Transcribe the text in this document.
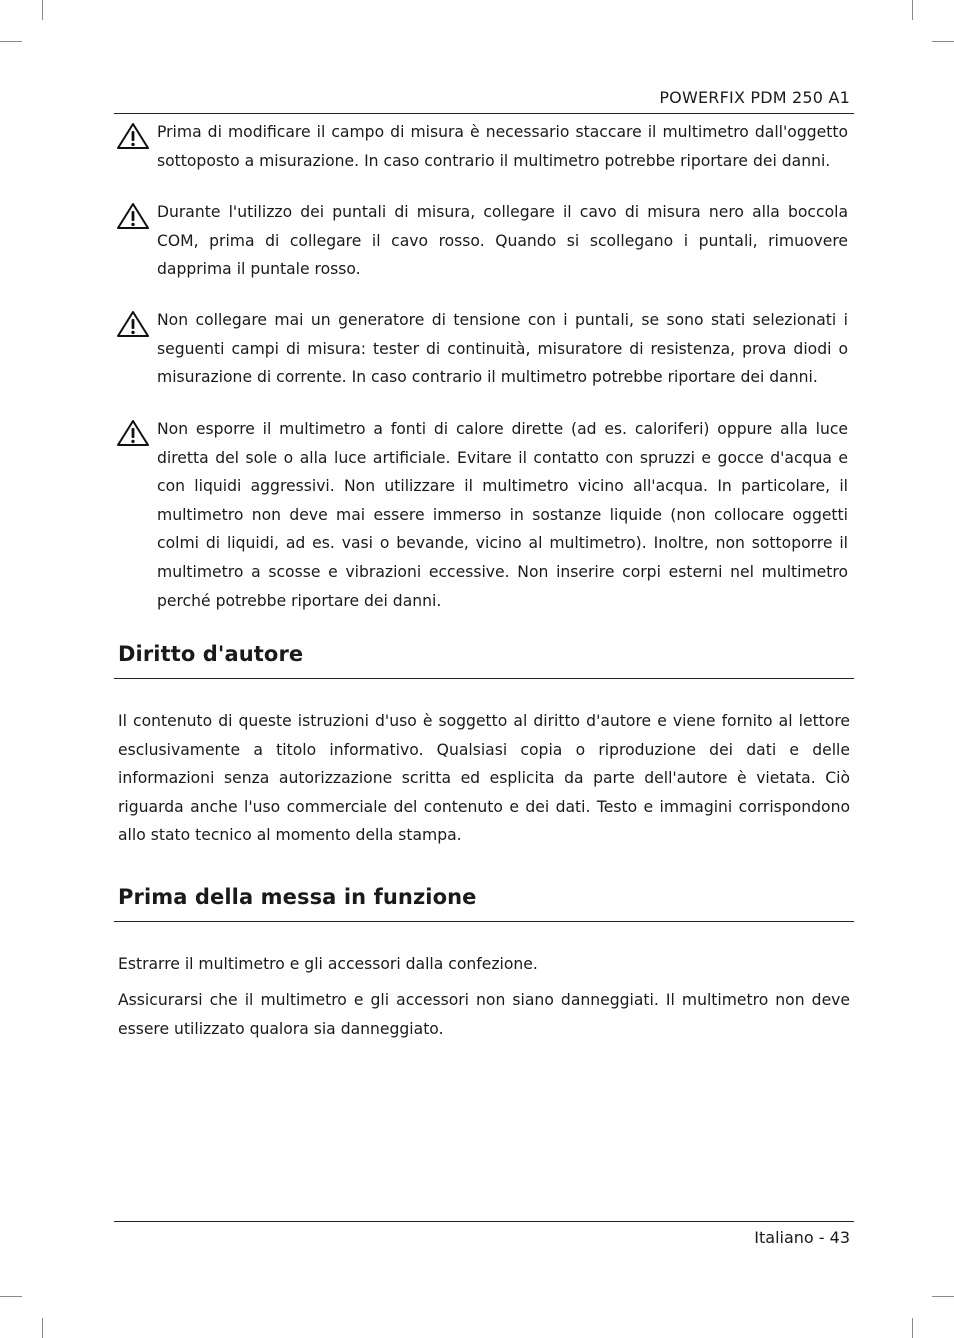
POWERFIX PDM 250 A1
Prima di modificare il campo di misura è necessario staccare il multimetro dall'oggetto sottoposto a misurazione. In caso contrario il multimetro potrebbe riportare dei danni.
Durante l'utilizzo dei puntali di misura, collegare il cavo di misura nero alla boccola COM, prima di collegare il cavo rosso. Quando si scollegano i puntali, rimuovere dapprima il puntale rosso.
Non collegare mai un generatore di tensione con i puntali, se sono stati selezionati i seguenti campi di misura: tester di continuità, misuratore di resistenza, prova diodi o misurazione di corrente. In caso contrario il multimetro potrebbe riportare dei danni.
Non esporre il multimetro a fonti di calore dirette (ad es. caloriferi) oppure alla luce diretta del sole o alla luce artificiale. Evitare il contatto con spruzzi e gocce d'acqua e con liquidi aggressivi. Non utilizzare il multimetro vicino all'acqua. In particolare, il multimetro non deve mai essere immerso in sostanze liquide (non collocare oggetti colmi di liquidi, ad es. vasi o bevande, vicino al multimetro). Inoltre, non sottoporre il multimetro a scosse e vibrazioni eccessive. Non inserire corpi esterni nel multimetro perché potrebbe riportare dei danni.
Diritto d'autore

Il contenuto di queste istruzioni d'uso è soggetto al diritto d'autore e viene fornito al lettore esclusivamente a titolo informativo. Qualsiasi copia o riproduzione dei dati e delle informazioni senza autorizzazione scritta ed esplicita da parte dell'autore è vietata. Ciò riguarda anche l'uso commerciale del contenuto e dei dati. Testo e immagini corrispondono allo stato tecnico al momento della stampa.

Prima della messa in funzione

Estrarre il multimetro e gli accessori dalla confezione.

Assicurarsi che il multimetro e gli accessori non siano danneggiati. Il multimetro non deve essere utilizzato qualora sia danneggiato.

Italiano - 43
